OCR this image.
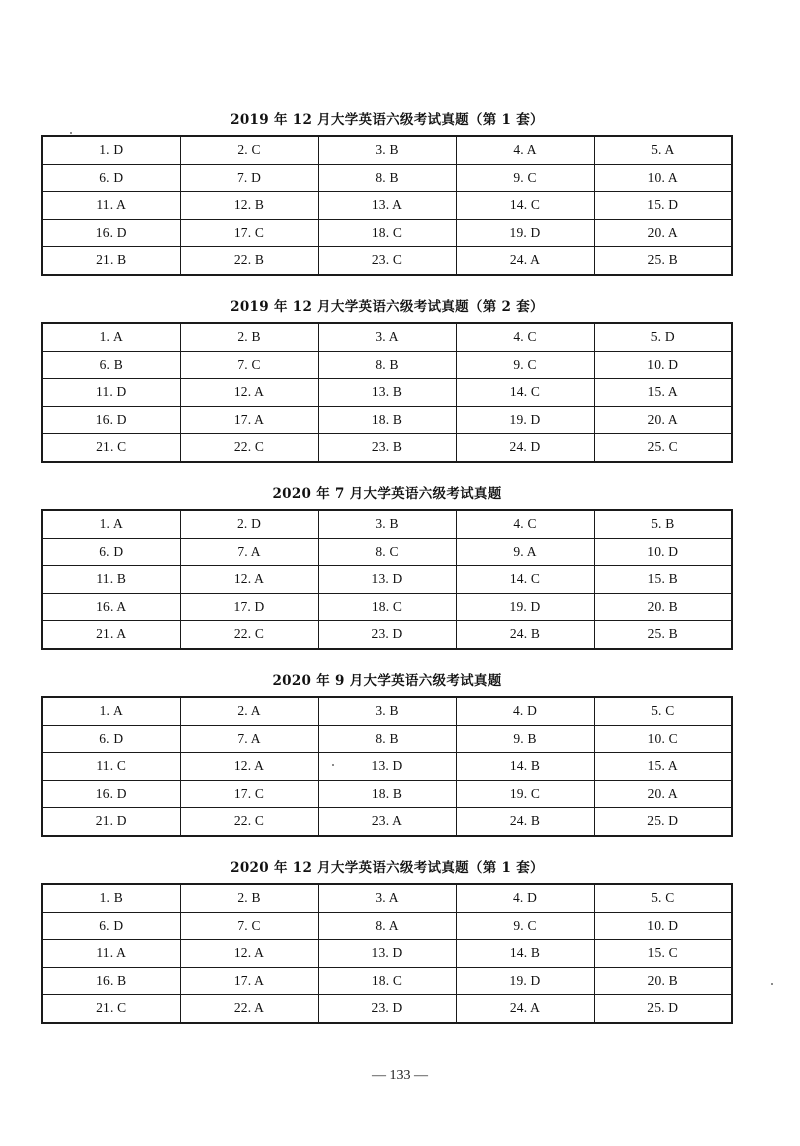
2019 年 12 月大学英语六级考试真题（第 1 套）
1. D	2. C	3. B	4. A	5. A
6. D	7. D	8. B	9. C	10. A
11. A	12. B	13. A	14. C	15. D
16. D	17. C	18. C	19. D	20. A
21. B	22. B	23. C	24. A	25. B
2019 年 12 月大学英语六级考试真题（第 2 套）
1. A	2. B	3. A	4. C	5. D
6. B	7. C	8. B	9. C	10. D
11. D	12. A	13. B	14. C	15. A
16. D	17. A	18. B	19. D	20. A
21. C	22. C	23. B	24. D	25. C
2020 年 7 月大学英语六级考试真题
1. A	2. D	3. B	4. C	5. B
6. D	7. A	8. C	9. A	10. D
11. B	12. A	13. D	14. C	15. B
16. A	17. D	18. C	19. D	20. B
21. A	22. C	23. D	24. B	25. B
2020 年 9 月大学英语六级考试真题
1. A	2. A	3. B	4. D	5. C
6. D	7. A	8. B	9. B	10. C
11. C	12. A	13. D	14. B	15. A
16. D	17. C	18. B	19. C	20. A
21. D	22. C	23. A	24. B	25. D
2020 年 12 月大学英语六级考试真题（第 1 套）
1. B	2. B	3. A	4. D	5. C
6. D	7. C	8. A	9. C	10. D
11. A	12. A	13. D	14. B	15. C
16. B	17. A	18. C	19. D	20. B
21. C	22. A	23. D	24. A	25. D
— 133 —
